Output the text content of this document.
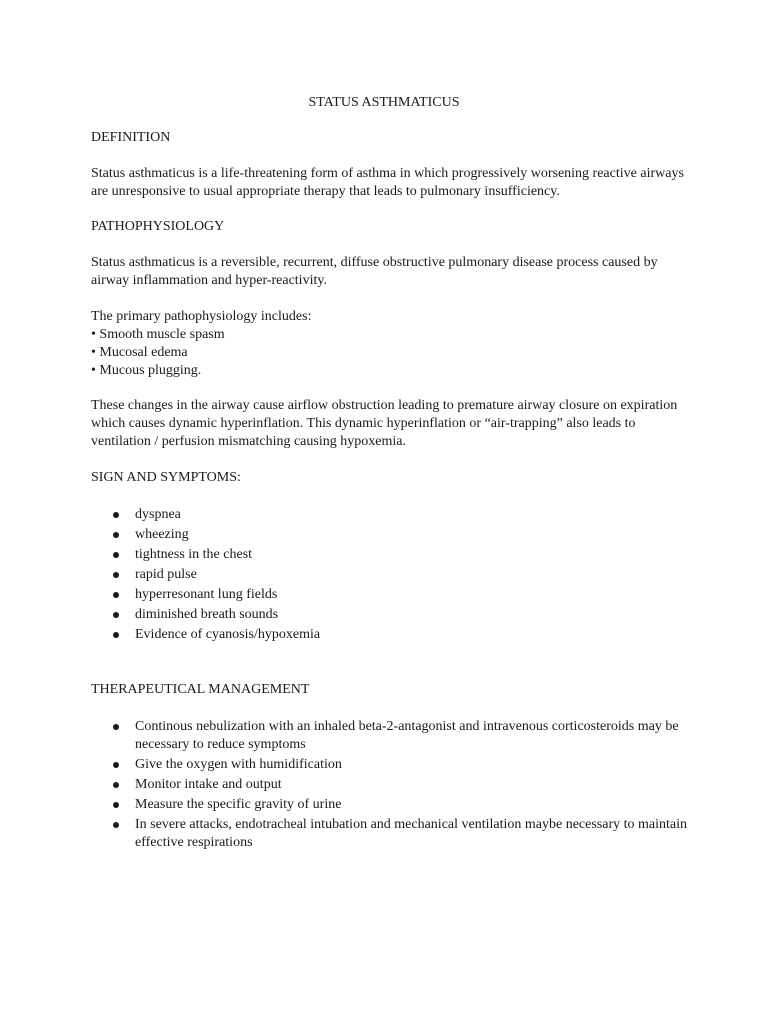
STATUS ASTHMATICUS
DEFINITION

Status asthmaticus is a life-threatening form of asthma in which progressively worsening reactive airways are unresponsive to usual appropriate therapy that leads to pulmonary insufficiency.

PATHOPHYSIOLOGY

Status asthmaticus is a reversible, recurrent, diffuse obstructive pulmonary disease process caused by airway inflammation and hyper-reactivity.

The primary pathophysiology includes:

• Smooth muscle spasm
• Mucosal edema
• Mucous plugging.

These changes in the airway cause airflow obstruction leading to premature airway closure on expiration which causes dynamic hyperinflation. This dynamic hyperinflation or “air-trapping” also leads to ventilation / perfusion mismatching causing hypoxemia.

SIGN AND SYMPTOMS:
dyspnea
wheezing
tightness in the chest
rapid pulse
hyperresonant lung fields
diminished breath sounds
Evidence of cyanosis/hypoxemia
THERAPEUTICAL MANAGEMENT
Continous nebulization with an inhaled beta-2-antagonist and intravenous corticosteroids may be necessary to reduce symptoms
Give the oxygen with humidification
Monitor intake and output
Measure the specific gravity of urine
In severe attacks, endotracheal intubation and mechanical ventilation maybe necessary to maintain effective respirations
